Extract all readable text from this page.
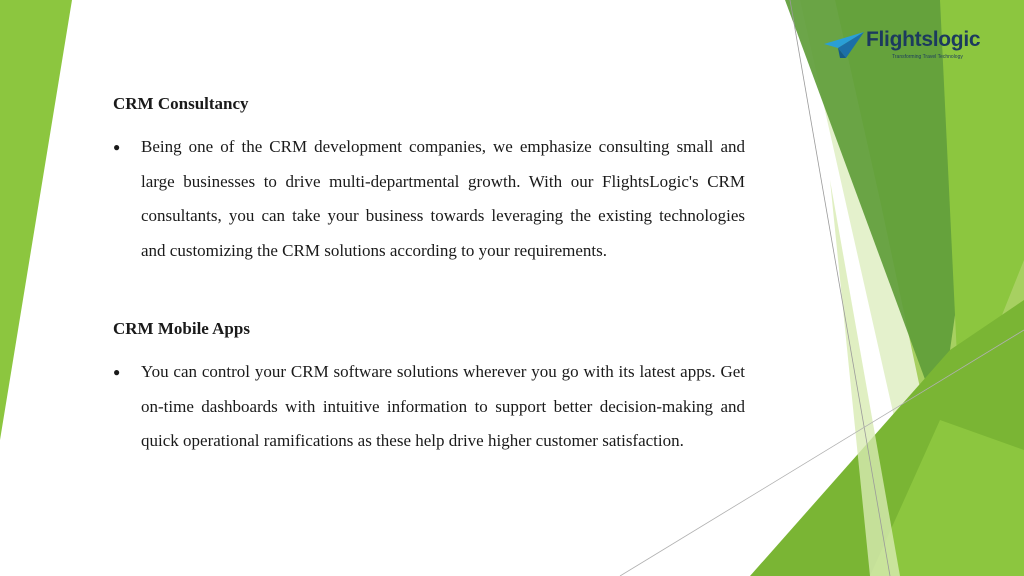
Flightslogic
Transforming Travel Technology

CRM Consultancy

● Being one of the CRM development companies, we emphasize consulting small and large businesses to drive multi-departmental growth. With our FlightsLogic's CRM consultants, you can take your business towards leveraging the existing technologies and customizing the CRM solutions according to your requirements.

CRM Mobile Apps

● You can control your CRM software solutions wherever you go with its latest apps. Get on-time dashboards with intuitive information to support better decision-making and quick operational ramifications as these help drive higher customer satisfaction.
